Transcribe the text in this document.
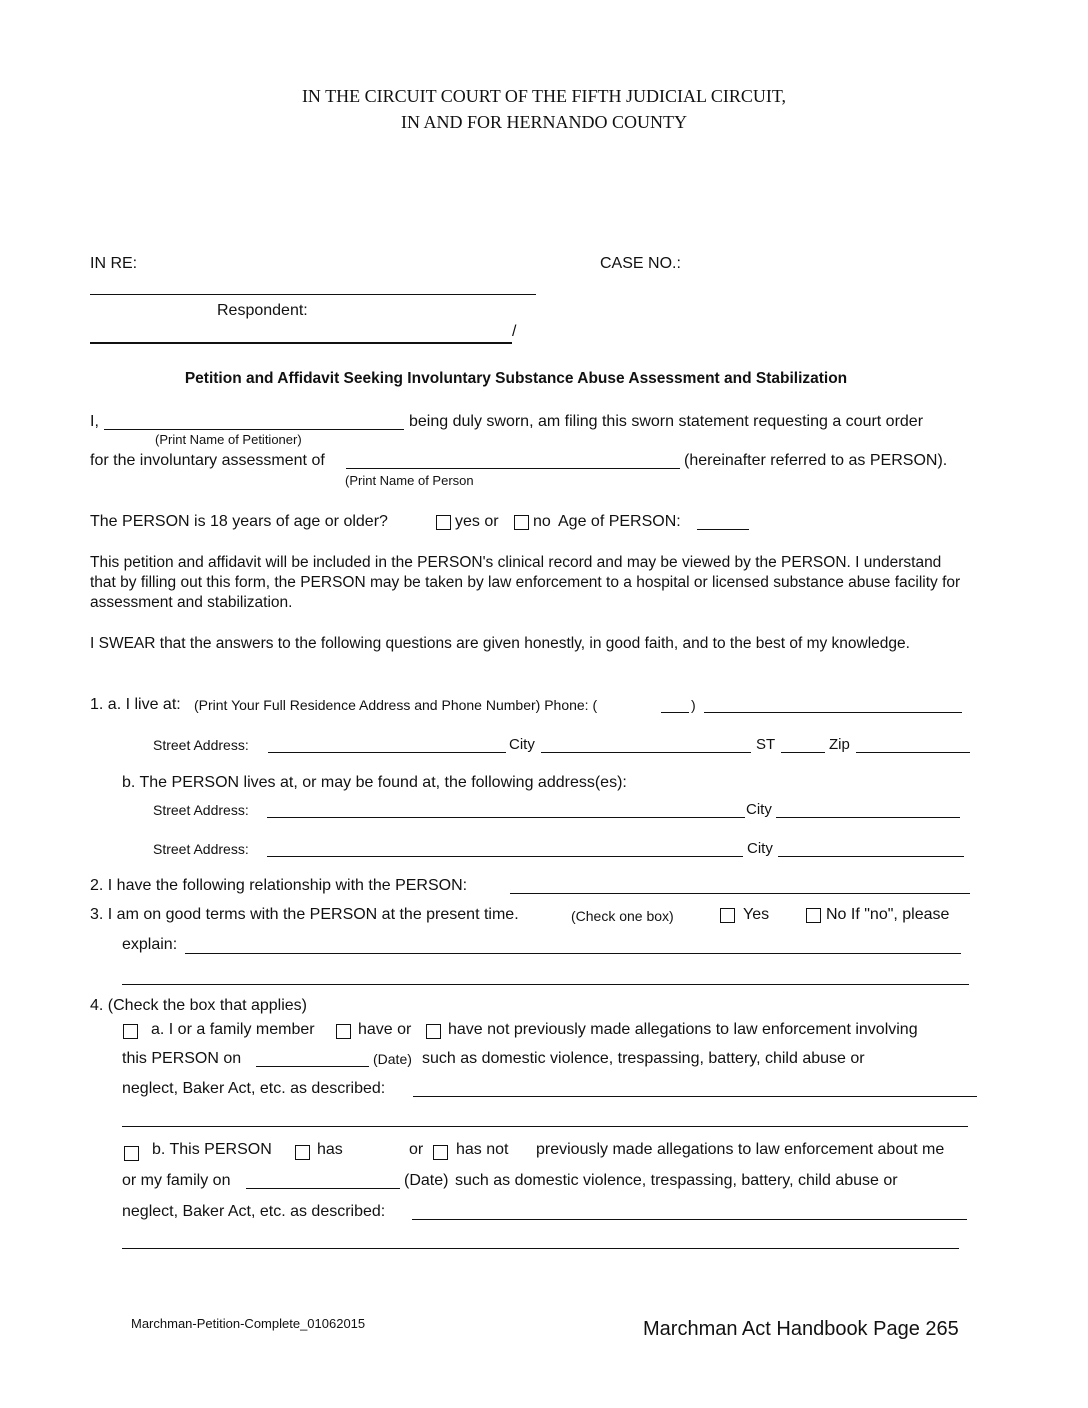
IN THE CIRCUIT COURT OF THE FIFTH JUDICIAL CIRCUIT,
IN AND FOR HERNANDO COUNTY
IN RE:	CASE NO.:
Respondent:
/
Petition and Affidavit Seeking Involuntary Substance Abuse Assessment and Stabilization
I,	being duly sworn, am filing this sworn statement requesting a court order
(Print Name of Petitioner)
for the involuntary assessment of	(hereinafter referred to as PERSON).
(Print Name of Person
The PERSON is 18 years of age or older?	yes or no Age of PERSON:
This petition and affidavit will be included in the PERSON's clinical record and may be viewed by the PERSON. I understand that by filling out this form, the PERSON may be taken by law enforcement to a hospital or licensed substance abuse facility for assessment and stabilization.
I SWEAR that the answers to the following questions are given honestly, in good faith, and to the best of my knowledge.
1. a. I live at: (Print Your Full Residence Address and Phone Number) Phone: (	)
Street Address:	City	ST	Zip
b. The PERSON lives at, or may be found at, the following address(es):
Street Address:	City
Street Address:	City
2. I have the following relationship with the PERSON:
3. I am on good terms with the PERSON at the present time.	(Check one box)	Yes	No If "no", please
explain:
4. (Check the box that applies)
a. I or a family member	have or have not previously made allegations to law enforcement involving
this PERSON on	(Date) such as domestic violence, trespassing, battery, child abuse or
neglect, Baker Act, etc. as described:
b. This PERSON	has	or has not previously made allegations to law enforcement about me
or my family on	(Date) such as domestic violence, trespassing, battery, child abuse or
neglect, Baker Act, etc. as described:
Marchman-Petition-Complete_01062015	Marchman Act Handbook Page 265
